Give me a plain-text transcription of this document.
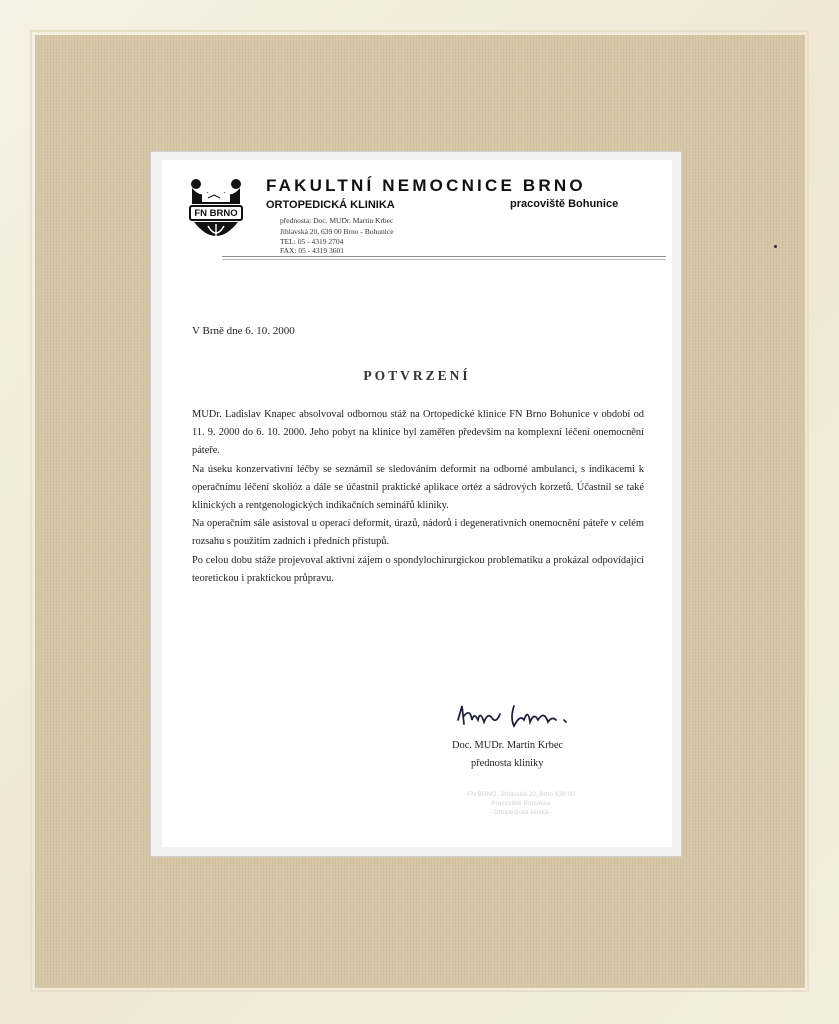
FN BRNO
FAKULTNÍ NEMOCNICE BRNO
ORTOPEDICKÁ KLINIKA	pracoviště Bohunice
přednosta: Doc. MUDr. Martin Krbec
Jihlavská 20, 639 00 Brno - Bohunice
TEL: 05 - 4319 2704
FAX: 05 - 4319 3601
V Brně dne 6. 10. 2000
POTVRZENÍ

MUDr. Ladislav Knapec absolvoval odbornou stáž na Ortopedické klinice FN Brno Bohunice v období od 11. 9. 2000 do 6. 10. 2000. Jeho pobyt na klinice byl zaměřen především na komplexní léčení onemocnění páteře.

Na úseku konzervativní léčby se seznámil se sledováním deformit na odborné ambulanci, s indikacemi k operačnímu léčení skolióz a dále se účastnil praktické aplikace ortéz a sádrových korzetů. Účastnil se také klinických a rentgenologických indikačních seminářů kliniky.

Na operačním sále asistoval u operací deformit, úrazů, nádorů i degenerativních onemocnění páteře v celém rozsahu s použitím zadních i předních přístupů.

Po celou dobu stáže projevoval aktivní zájem o spondylochirurgickou problematiku a prokázal odpovídající teoretickou i praktickou průpravu.

Doc. MUDr. Martin Krbec
přednosta kliniky
FN BRNO, Jihlavská 20, Brno 639 00
Pracoviště Bohunice
- Ortopedická klinika -
